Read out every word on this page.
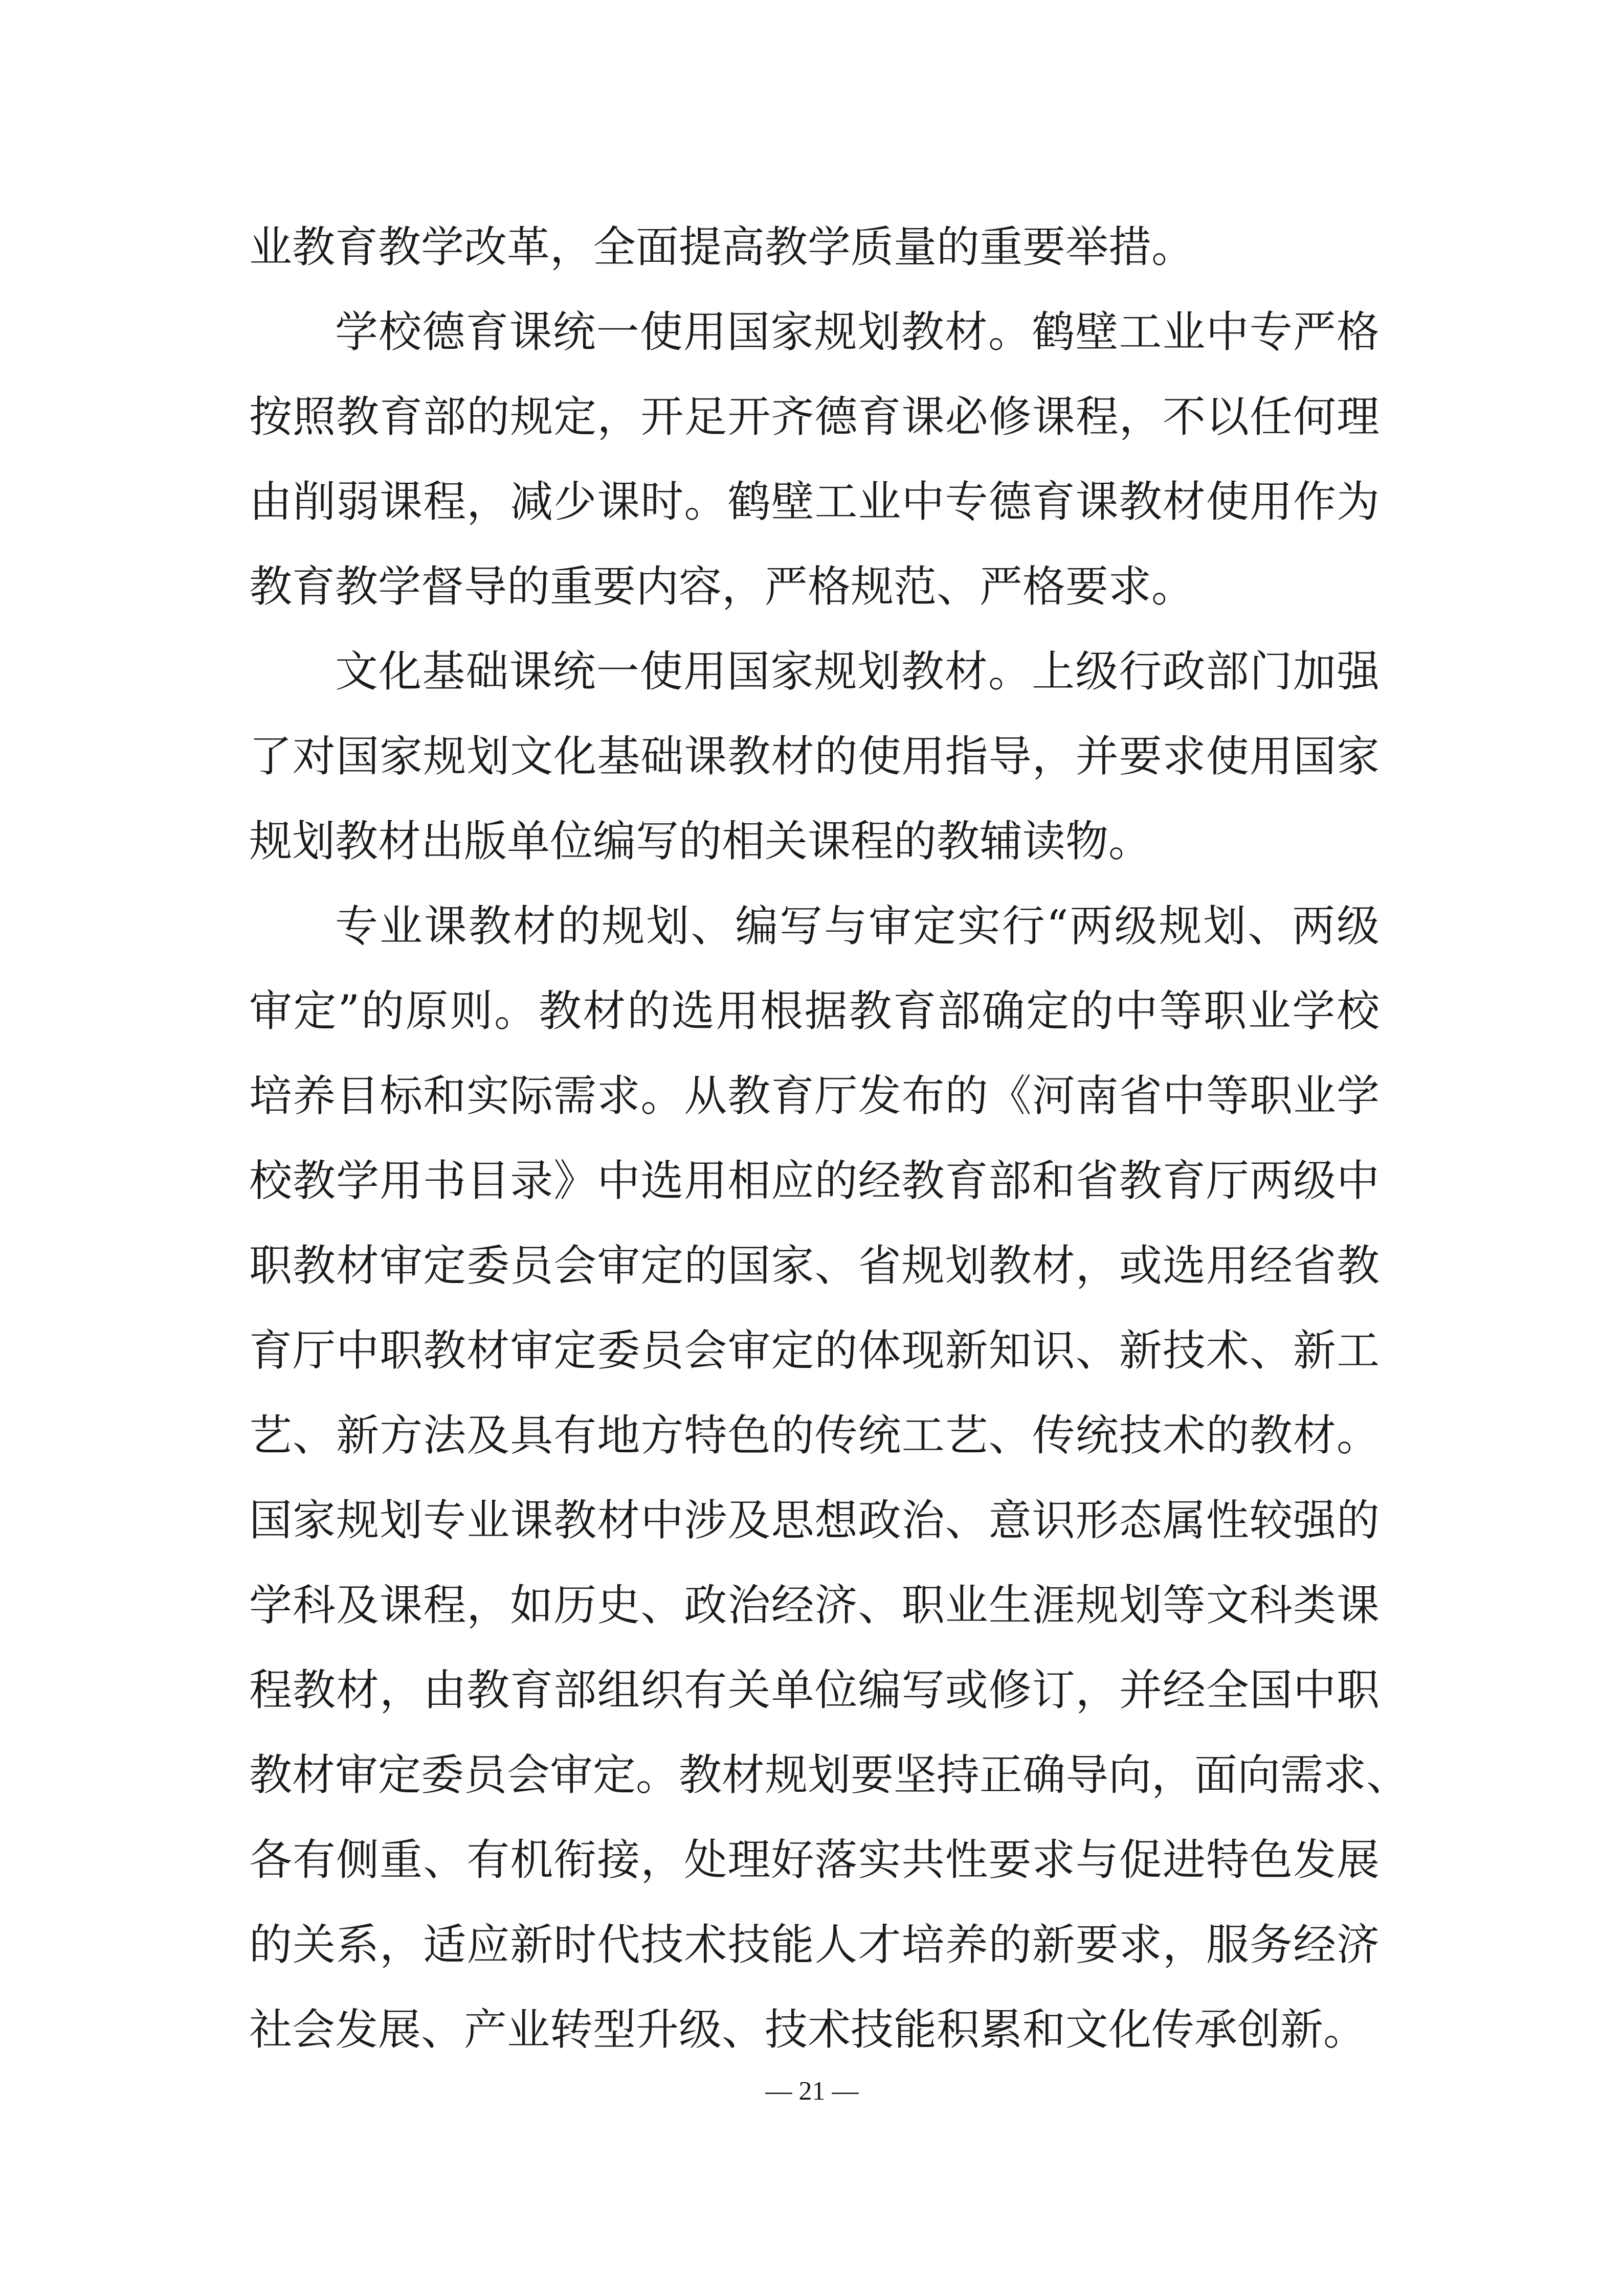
业教育教学改革，全面提高教学质量的重要举措。
学校德育课统一使用国家规划教材。鹤壁工业中专严格
按照教育部的规定，开足开齐德育课必修课程，不以任何理
由削弱课程，减少课时。鹤壁工业中专德育课教材使用作为
教育教学督导的重要内容，严格规范、严格要求。
文化基础课统一使用国家规划教材。上级行政部门加强
了对国家规划文化基础课教材的使用指导，并要求使用国家
规划教材出版单位编写的相关课程的教辅读物。
专业课教材的规划、编写与审定实行“两级规划、两级
审定”的原则。教材的选用根据教育部确定的中等职业学校
培养目标和实际需求。从教育厅发布的《河南省中等职业学
校教学用书目录》中选用相应的经教育部和省教育厅两级中
职教材审定委员会审定的国家、省规划教材，或选用经省教
育厅中职教材审定委员会审定的体现新知识、新技术、新工
艺、新方法及具有地方特色的传统工艺、传统技术的教材。
国家规划专业课教材中涉及思想政治、意识形态属性较强的
学科及课程，如历史、政治经济、职业生涯规划等文科类课
程教材，由教育部组织有关单位编写或修订，并经全国中职
教材审定委员会审定。教材规划要坚持正确导向，面向需求、
各有侧重、有机衔接，处理好落实共性要求与促进特色发展
的关系，适应新时代技术技能人才培养的新要求，服务经济
社会发展、产业转型升级、技术技能积累和文化传承创新。
— 21 —
